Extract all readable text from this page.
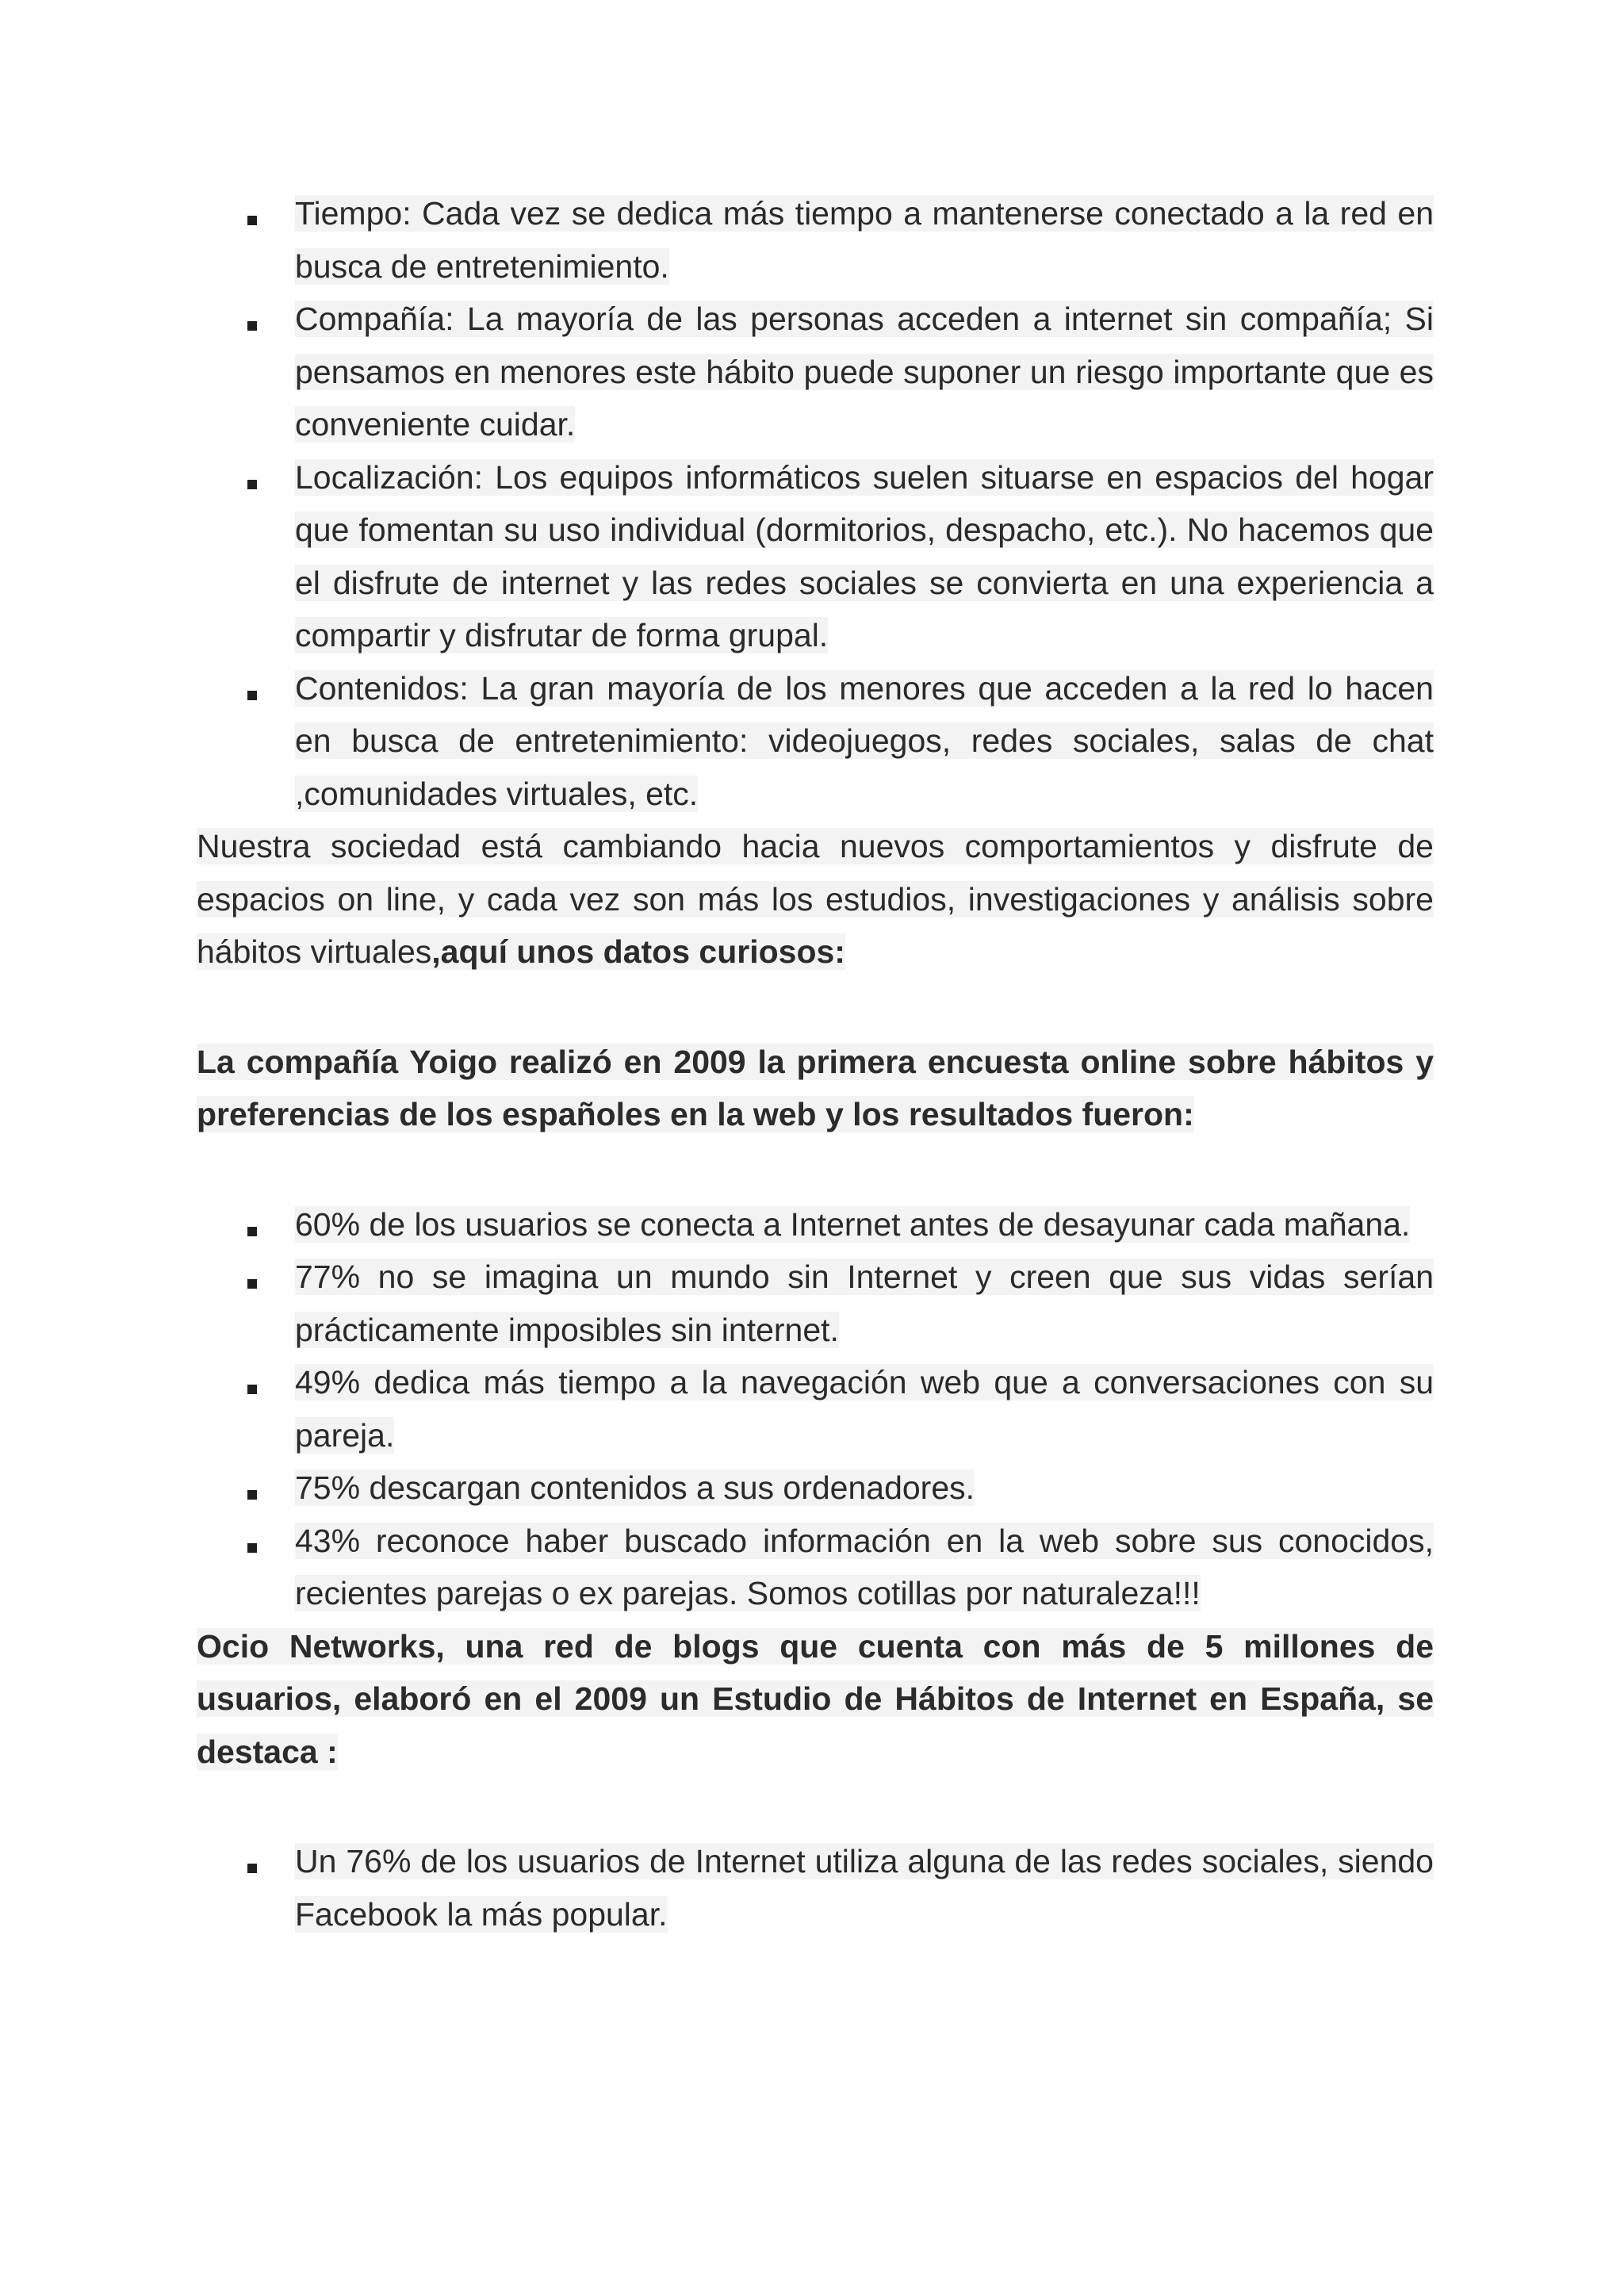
Tiempo: Cada vez se dedica más tiempo a mantenerse conectado a la red en busca de entretenimiento.
Compañía: La mayoría de las personas acceden a internet sin compañía; Si pensamos en menores este hábito puede suponer un riesgo importante que es conveniente cuidar.
Localización: Los equipos informáticos suelen situarse en espacios del hogar que fomentan su uso individual (dormitorios, despacho, etc.). No hacemos que el disfrute de internet y las redes sociales se convierta en una experiencia a compartir y disfrutar de forma grupal.
Contenidos: La gran mayoría de los menores que acceden a la red lo hacen en busca de entretenimiento: videojuegos, redes sociales, salas de chat ,comunidades virtuales, etc.

Nuestra sociedad está cambiando hacia nuevos comportamientos y disfrute de espacios on line, y cada vez son más los estudios, investigaciones y análisis sobre hábitos virtuales,aquí unos datos curiosos:

La compañía Yoigo realizó en 2009 la primera encuesta online sobre hábitos y preferencias de los españoles en la web y los resultados fueron:

60% de los usuarios se conecta a Internet antes de desayunar cada mañana.
77% no se imagina un mundo sin Internet y creen que sus vidas serían prácticamente imposibles sin internet.
49% dedica más tiempo a la navegación web que a conversaciones con su pareja.
75% descargan contenidos a sus ordenadores.
43% reconoce haber buscado información en la web sobre sus conocidos, recientes parejas o ex parejas. Somos cotillas por naturaleza!!!

Ocio Networks, una red de blogs que cuenta con más de 5 millones de usuarios, elaboró en el 2009 un Estudio de Hábitos de Internet en España, se destaca :

Un 76% de los usuarios de Internet utiliza alguna de las redes sociales, siendo Facebook la más popular.
